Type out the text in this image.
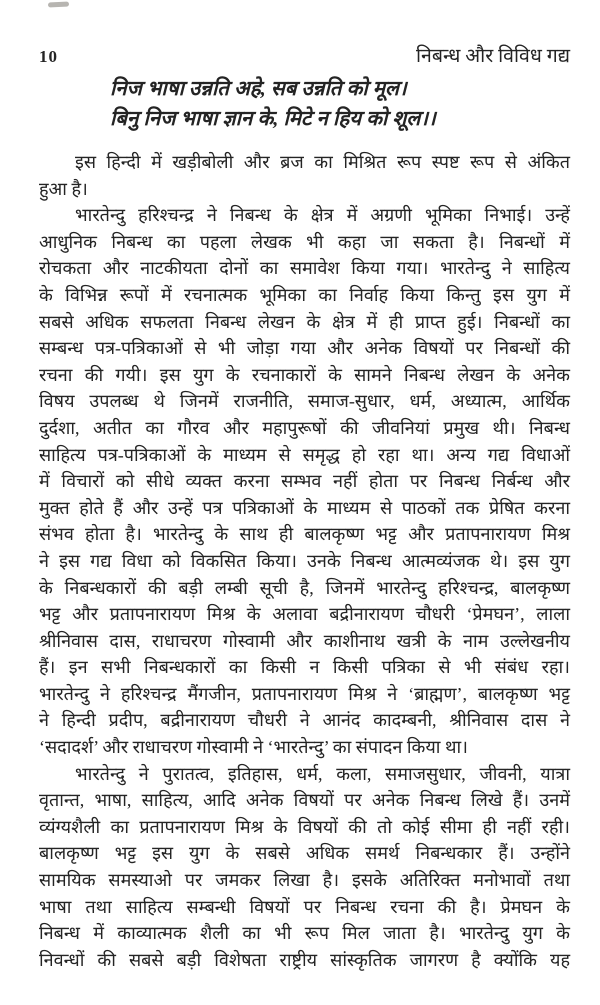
10	निबन्ध और विविध गद्य
निज भाषा उन्नति अहे, सब उन्नति को मूल।
बिनु निज भाषा ज्ञान के, मिटे न हिय को शूल।।
इस हिन्दी में खड़ीबोली और ब्रज का मिश्रित रूप स्पष्ट रूप से अंकित
हुआ है।
भारतेन्दु हरिश्चन्द्र ने निबन्ध के क्षेत्र में अग्रणी भूमिका निभाई। उन्हें
आधुनिक निबन्ध का पहला लेखक भी कहा जा सकता है। निबन्धों में
रोचकता और नाटकीयता दोनों का समावेश किया गया। भारतेन्दु ने साहित्य
के विभिन्न रूपों में रचनात्मक भूमिका का निर्वाह किया किन्तु इस युग में
सबसे अधिक सफलता निबन्ध लेखन के क्षेत्र में ही प्राप्त हुई। निबन्धों का
सम्बन्ध पत्र-पत्रिकाओं से भी जोड़ा गया और अनेक विषयों पर निबन्धों की
रचना की गयी। इस युग के रचनाकारों के सामने निबन्ध लेखन के अनेक
विषय उपलब्ध थे जिनमें राजनीति, समाज-सुधार, धर्म, अध्यात्म, आर्थिक
दुर्दशा, अतीत का गौरव और महापुरूषों की जीवनियां प्रमुख थी। निबन्ध
साहित्य पत्र-पत्रिकाओं के माध्यम से समृद्ध हो रहा था। अन्य गद्य विधाओं
में विचारों को सीधे व्यक्त करना सम्भव नहीं होता पर निबन्ध निर्बन्ध और
मुक्त होते हैं और उन्हें पत्र पत्रिकाओं के माध्यम से पाठकों तक प्रेषित करना
संभव होता है। भारतेन्दु के साथ ही बालकृष्ण भट्ट और प्रतापनारायण मिश्र
ने इस गद्य विधा को विकसित किया। उनके निबन्ध आत्मव्यंजक थे। इस युग
के निबन्धकारों की बड़ी लम्बी सूची है, जिनमें भारतेन्दु हरिश्चन्द्र, बालकृष्ण
भट्ट और प्रतापनारायण मिश्र के अलावा बद्रीनारायण चौधरी ‘प्रेमघन’, लाला
श्रीनिवास दास, राधाचरण गोस्वामी और काशीनाथ खत्री के नाम उल्लेखनीय
हैं। इन सभी निबन्धकारों का किसी न किसी पत्रिका से भी संबंध रहा।
भारतेन्दु ने हरिश्चन्द्र मैंगजीन, प्रतापनारायण मिश्र ने ‘ब्राह्मण’, बालकृष्ण भट्ट
ने हिन्दी प्रदीप, बद्रीनारायण चौधरी ने आनंद कादम्बनी, श्रीनिवास दास ने
‘सदादर्श’ और राधाचरण गोस्वामी ने ‘भारतेन्दु’ का संपादन किया था।
भारतेन्दु ने पुरातत्व, इतिहास, धर्म, कला, समाजसुधार, जीवनी, यात्रा
वृतान्त, भाषा, साहित्य, आदि अनेक विषयों पर अनेक निबन्ध लिखे हैं। उनमें
व्यंग्यशैली का प्रतापनारायण मिश्र के विषयों की तो कोई सीमा ही नहीं रही।
बालकृष्ण भट्ट इस युग के सबसे अधिक समर्थ निबन्धकार हैं। उन्होंने
सामयिक समस्याओ पर जमकर लिखा है। इसके अतिरिक्त मनोभावों तथा
भाषा तथा साहित्य सम्बन्धी विषयों पर निबन्ध रचना की है। प्रेमघन के
निबन्ध में काव्यात्मक शैली का भी रूप मिल जाता है। भारतेन्दु युग के
निवन्धों की सबसे बड़ी विशेषता राष्ट्रीय सांस्कृतिक जागरण है क्योंकि यह
